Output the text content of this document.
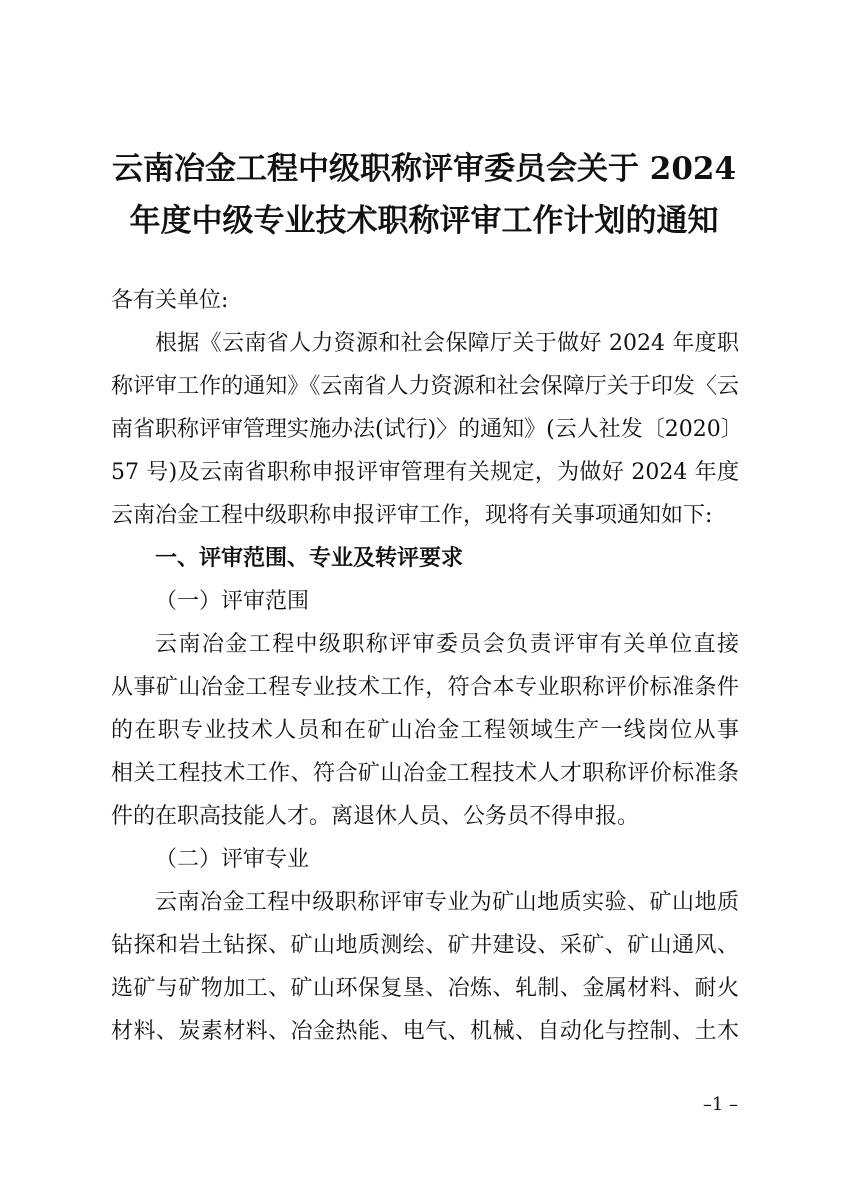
云南冶金工程中级职称评审委员会关于 2024
年度中级专业技术职称评审工作计划的通知

各有关单位:

根据《云南省人力资源和社会保障厅关于做好 2024 年度职

称评审工作的通知》《云南省人力资源和社会保障厅关于印发〈云

南省职称评审管理实施办法(试行)〉的通知》(云人社发〔2020〕

57 号)及云南省职称申报评审管理有关规定，为做好 2024 年度

云南冶金工程中级职称申报评审工作，现将有关事项通知如下:

一、评审范围、专业及转评要求

（一）评审范围

云南冶金工程中级职称评审委员会负责评审有关单位直接

从事矿山冶金工程专业技术工作，符合本专业职称评价标准条件

的在职专业技术人员和在矿山冶金工程领域生产一线岗位从事

相关工程技术工作、符合矿山冶金工程技术人才职称评价标准条

件的在职高技能人才。离退休人员、公务员不得申报。

（二）评审专业

云南冶金工程中级职称评审专业为矿山地质实验、矿山地质

钻探和岩土钻探、矿山地质测绘、矿井建设、采矿、矿山通风、

选矿与矿物加工、矿山环保复垦、冶炼、轧制、金属材料、耐火

材料、炭素材料、冶金热能、电气、机械、自动化与控制、土木

–1 –
